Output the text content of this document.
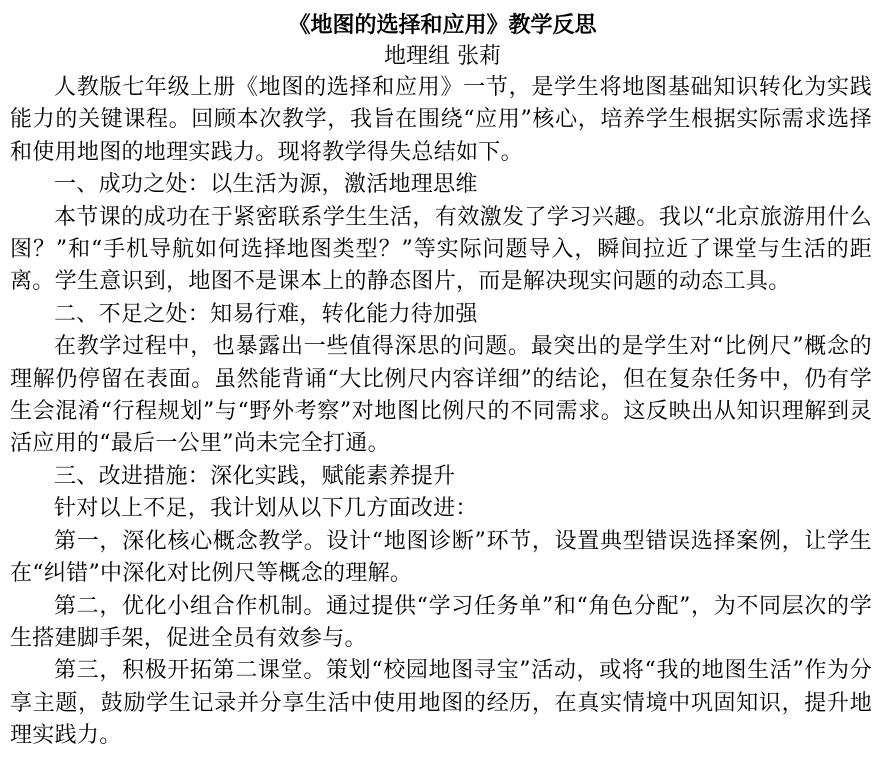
《地图的选择和应用》教学反思
地理组 张莉

人教版七年级上册《地图的选择和应用》一节，是学生将地图基础知识转化为实践能力的关键课程。回顾本次教学，我旨在围绕“应用”核心，培养学生根据实际需求选择和使用地图的地理实践力。现将教学得失总结如下。

一、成功之处：以生活为源，激活地理思维

本节课的成功在于紧密联系学生生活，有效激发了学习兴趣。我以“北京旅游用什么图？”和“手机导航如何选择地图类型？”等实际问题导入，瞬间拉近了课堂与生活的距离。学生意识到，地图不是课本上的静态图片，而是解决现实问题的动态工具。

二、不足之处：知易行难，转化能力待加强

在教学过程中，也暴露出一些值得深思的问题。最突出的是学生对“比例尺”概念的理解仍停留在表面。虽然能背诵“大比例尺内容详细”的结论，但在复杂任务中，仍有学生会混淆“行程规划”与“野外考察”对地图比例尺的不同需求。这反映出从知识理解到灵活应用的“最后一公里”尚未完全打通。

三、改进措施：深化实践，赋能素养提升

针对以上不足，我计划从以下几方面改进：

第一，深化核心概念教学。设计“地图诊断”环节，设置典型错误选择案例，让学生在“纠错”中深化对比例尺等概念的理解。

第二，优化小组合作机制。通过提供“学习任务单”和“角色分配”，为不同层次的学生搭建脚手架，促进全员有效参与。

第三，积极开拓第二课堂。策划“校园地图寻宝”活动，或将“我的地图生活”作为分享主题，鼓励学生记录并分享生活中使用地图的经历，在真实情境中巩固知识，提升地理实践力。
